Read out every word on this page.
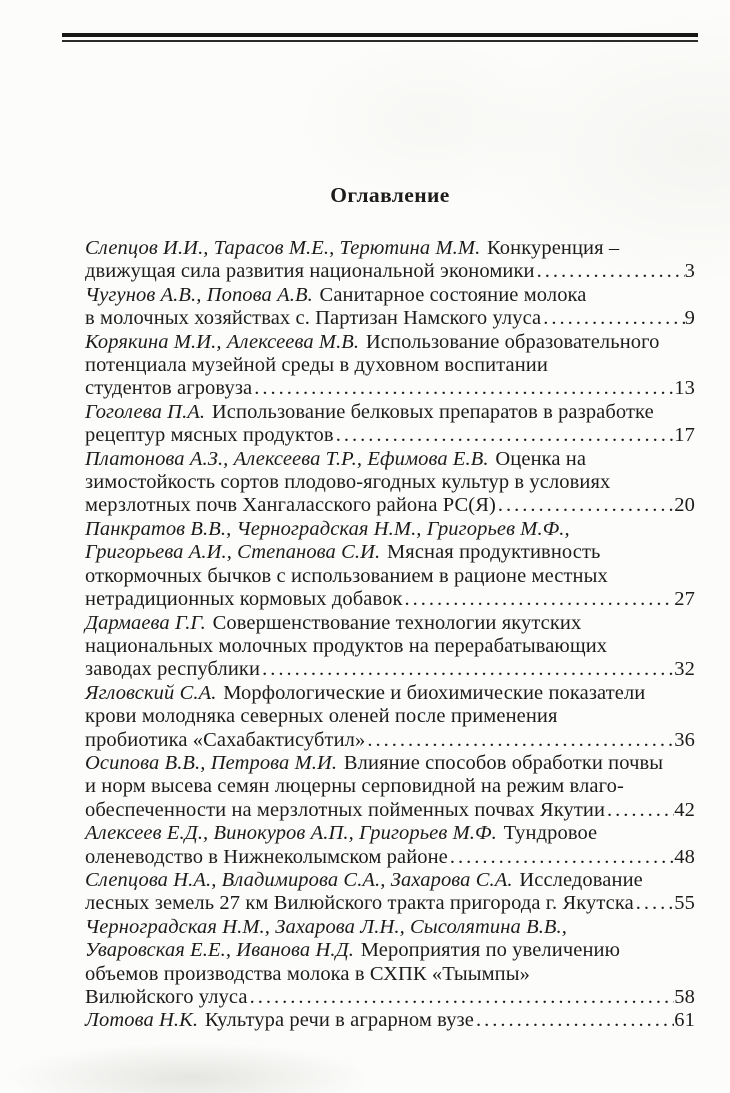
Оглавление
Слепцов И.И., Тарасов М.Е., Терютина М.М. Конкуренция –
движущая сила развития национальной экономики .....	3
Чугунов А.В., Попова А.В. Санитарное состояние молока
в молочных хозяйствах с. Партизан Намского улуса .....	9
Корякина М.И., Алексеева М.В. Использование образовательного
потенциала музейной среды в духовном воспитании
студентов агровуза .....	13
Гоголева П.А. Использование белковых препаратов в разработке
рецептур мясных продуктов .....	17
Платонова А.З., Алексеева Т.Р., Ефимова Е.В. Оценка на
зимостойкость сортов плодово-ягодных культур в условиях
мерзлотных почв Хангаласского района РС(Я) .....	20
Панкратов В.В., Черноградская Н.М., Григорьев М.Ф.,
Григорьева А.И., Степанова С.И. Мясная продуктивность
откормочных бычков с использованием в рационе местных
нетрадиционных кормовых добавок .....	27
Дармаева Г.Г. Совершенствование технологии якутских
национальных молочных продуктов на перерабатывающих
заводах республики .....	32
Ягловский С.А. Морфологические и биохимические показатели
крови молодняка северных оленей после применения
пробиотика «Сахабактисубтил» .....	36
Осипова В.В., Петрова М.И. Влияние способов обработки почвы
и норм высева семян люцерны серповидной на режим влаго-
обеспеченности на мерзлотных пойменных почвах Якутии .....	42
Алексеев Е.Д., Винокуров А.П., Григорьев М.Ф. Тундровое
оленеводство в Нижнеколымском районе .....	48
Слепцова Н.А., Владимирова С.А., Захарова С.А. Исследование
лесных земель 27 км Вилюйского тракта пригорода г. Якутска ..... 55
Черноградская Н.М., Захарова Л.Н., Сысолятина В.В.,
Уваровская Е.Е., Иванова Н.Д. Мероприятия по увеличению
объемов производства молока в СХПК «Тыымпы»
Вилюйского улуса .....	58
Лотова Н.К. Культура речи в аграрном вузе .....	61
